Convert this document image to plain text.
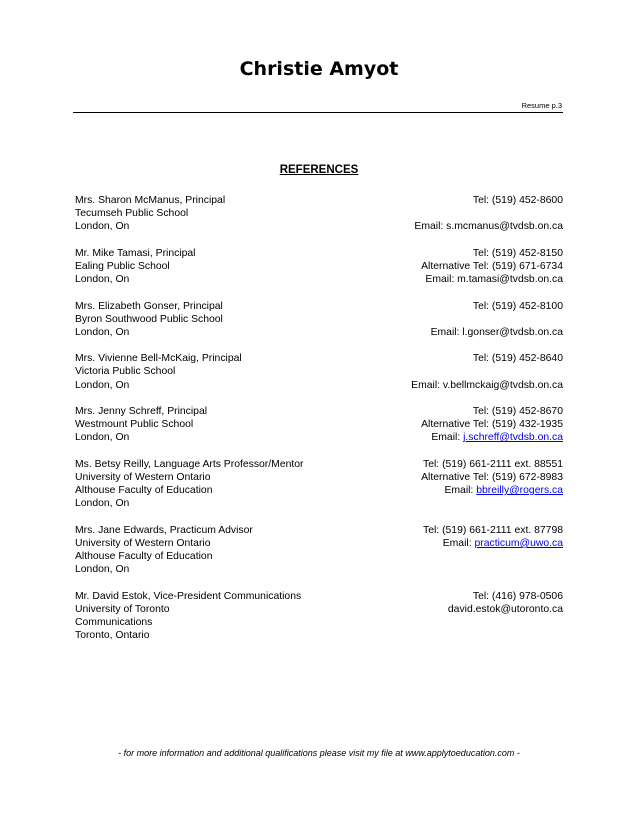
Christie Amyot
Resume p.3
REFERENCES
Mrs. Sharon McManus, Principal
Tecumseh Public School
London, On
Tel: (519) 452-8600
Email: s.mcmanus@tvdsb.on.ca
Mr. Mike Tamasi, Principal
Ealing Public School
London, On
Tel: (519) 452-8150
Alternative Tel: (519) 671-6734
Email: m.tamasi@tvdsb.on.ca
Mrs. Elizabeth Gonser, Principal
Byron Southwood Public School
London, On
Tel: (519) 452-8100
Email: l.gonser@tvdsb.on.ca
Mrs. Vivienne Bell-McKaig, Principal
Victoria Public School
London, On
Tel: (519) 452-8640
Email: v.bellmckaig@tvdsb.on.ca
Mrs. Jenny Schreff, Principal
Westmount Public School
London, On
Tel: (519) 452-8670
Alternative Tel: (519) 432-1935
Email: j.schreff@tvdsb.on.ca
Ms. Betsy Reilly, Language Arts Professor/Mentor
University of Western Ontario
Althouse Faculty of Education
London, On
Tel: (519) 661-2111 ext. 88551
Alternative Tel: (519) 672-8983
Email: bbreilly@rogers.ca
Mrs. Jane Edwards, Practicum Advisor
University of Western Ontario
Althouse Faculty of Education
London, On
Tel: (519) 661-2111 ext. 87798
Email: practicum@uwo.ca
Mr. David Estok, Vice-President Communications
University of Toronto
Communications
Toronto, Ontario
Tel: (416) 978-0506
david.estok@utoronto.ca
- for more information and additional qualifications please visit my file at www.applytoeducation.com -
